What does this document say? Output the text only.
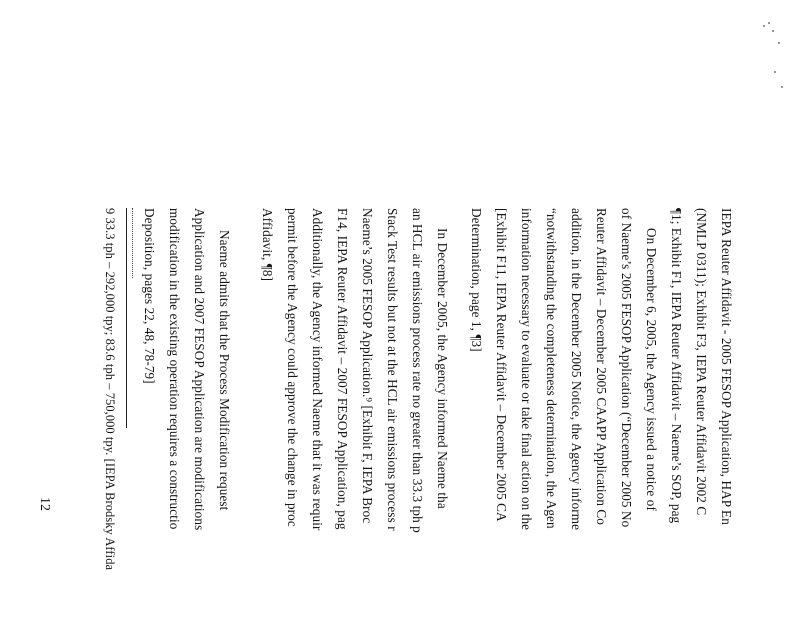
IEPA Reuter Affidavit - 2005 FESOP Application, HAP En
(NMLP 0311); Exhibit F3, IEPA Reuter Affidavit 2002 C
¶1; Exhibit F1, IEPA Reuter Affidavit – Naeme’s SOP, pag
On December 6, 2005, the Agency issued a notice of
of Naeme’s 2005 FESOP Application (“December 2005 No
Reuter Affidavit – December 2005 CAAPP Application Co
addition, in the December 2005 Notice, the Agency informe
“notwithstanding the completeness determination, the Agen
information necessary to evaluate or take final action on the
[Exhibit F11, IEPA Reuter Affidavit – December 2005 CA
Determination, page 1, ¶3]
In December 2005, the Agency informed Naeme tha
an HCL air emissions process rate no greater than 33.3 tph p
Stack Test results but not at the HCL air emissions process r
Naeme’s 2005 FESOP Application.⁹ [Exhibit F, IEPA Broc
F14, IEPA Reuter Affidavit – 2007 FESOP Application, pag
Additionally, the Agency informed Naeme that it was requir
permit before the Agency could approve the change in proc
Affidavit, ¶8]
Naeme admits that the Process Modification request
Application and 2007 FESOP Application are modifications
modification in the existing operation requires a constructio
Deposition, pages 22, 48, 78-79]
9 33.3 tph – 292,000 tpy; 83.6 tph – 750,000 tpy. [IEPA Brodsky Affida
12
